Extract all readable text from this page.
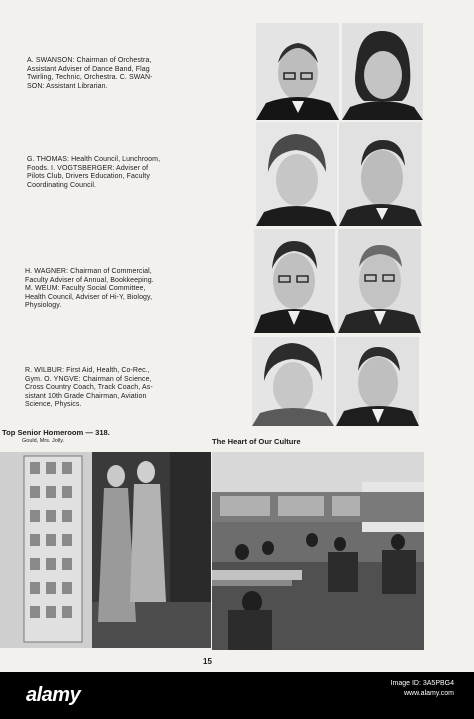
A. SWANSON: Chairman of Orchestra,
Assistant Adviser of Dance Band, Flag
Twirling, Technic, Orchestra. C. SWAN-
SON: Assistant Librarian.
G. THOMAS: Health Council, Lunchroom,
Foods. I. VOGTSBERGER: Adviser of
Pilots Club, Drivers Education, Faculty
Coordinating Council.
H. WAGNER: Chairman of Commercial,
Faculty Adviser of Annual, Bookkeeping.
M. WEUM: Faculty Social Committee,
Health Council, Adviser of Hi-Y, Biology,
Physiology.
R. WILBUR: First Aid, Health, Co-Rec.,
Gym. O. YNGVE: Chairman of Science,
Cross Country Coach, Track Coach, As-
sistant 10th Grade Chairman, Aviation
Science, Physics.
Top Senior Homeroom — 318.
Gould, Mrs. Jolly.	The Heart of Our Culture
15
alamy
Image ID: 3A5PBG4
www.alamy.com
